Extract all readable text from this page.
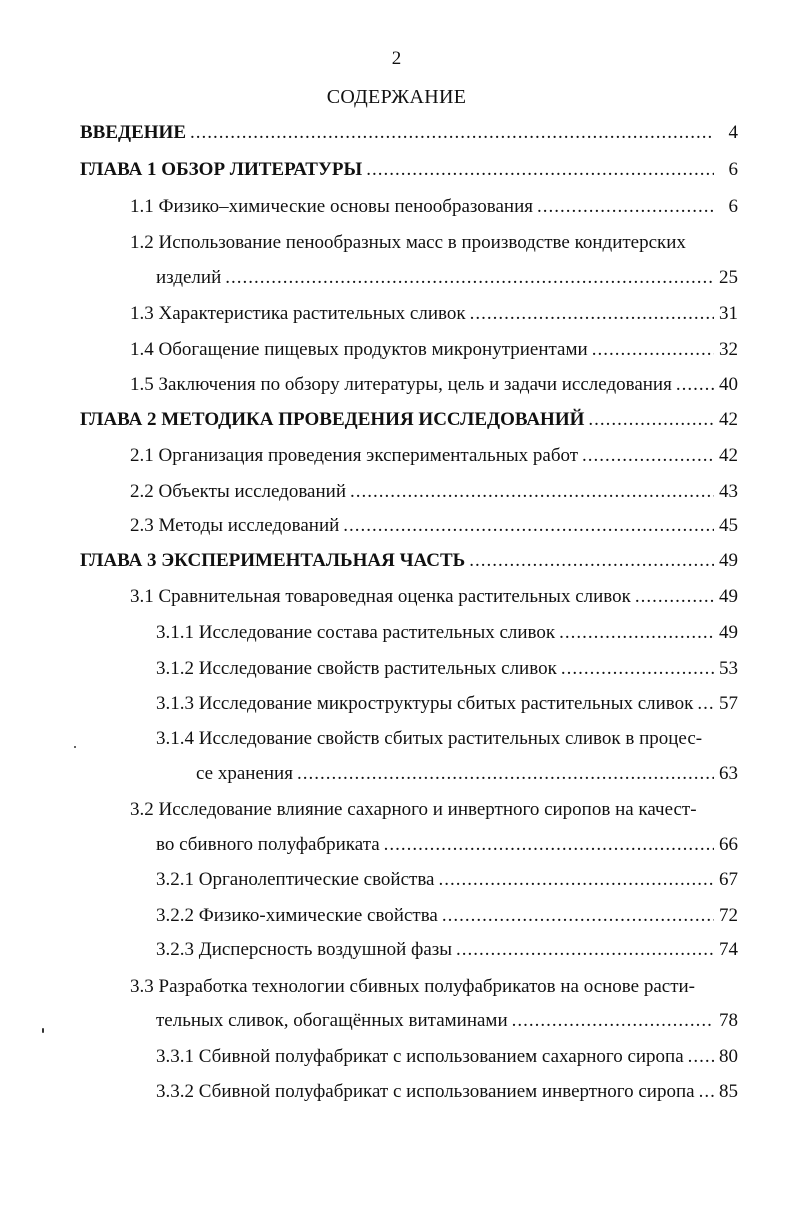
2
СОДЕРЖАНИЕ
ВВЕДЕНИЕ .....	4
ГЛАВА 1 ОБЗОР ЛИТЕРАТУРЫ .....	6
1.1 Физико–химические основы пенообразования .....	6
1.2 Использование пенообразных масс в производстве кондитерских
изделий .....	25
1.3 Характеристика растительных сливок .....	31
1.4 Обогащение пищевых продуктов микронутриентами .....	32
1.5 Заключения по обзору литературы, цель и задачи исследования ..... 40
ГЛАВА 2 МЕТОДИКА ПРОВЕДЕНИЯ ИССЛЕДОВАНИЙ .....	42
2.1 Организация проведения экспериментальных работ .....	42
2.2 Объекты исследований .....	43
2.3 Методы исследований .....	45
ГЛАВА 3 ЭКСПЕРИМЕНТАЛЬНАЯ ЧАСТЬ .....	49
3.1 Сравнительная товароведная оценка растительных сливок .....	49
3.1.1 Исследование состава растительных сливок .....	49
3.1.2 Исследование свойств растительных сливок .....	53
3.1.3 Исследование микроструктуры сбитых растительных сливок ..... 57
3.1.4 Исследование свойств сбитых растительных сливок в процес-
се хранения .....	63
3.2 Исследование влияние сахарного и инвертного сиропов на качест-
во сбивного полуфабриката .....	66
3.2.1 Органолептические свойства .....	67
3.2.2 Физико-химические свойства .....	72
3.2.3 Дисперсность воздушной фазы .....	74
3.3 Разработка технологии сбивных полуфабрикатов на основе расти-
тельных сливок, обогащённых витаминами .....	78
3.3.1 Сбивной полуфабрикат с использованием сахарного сиропа ..... 80
3.3.2 Сбивной полуфабрикат с использованием инвертного сиропа ..... 85
